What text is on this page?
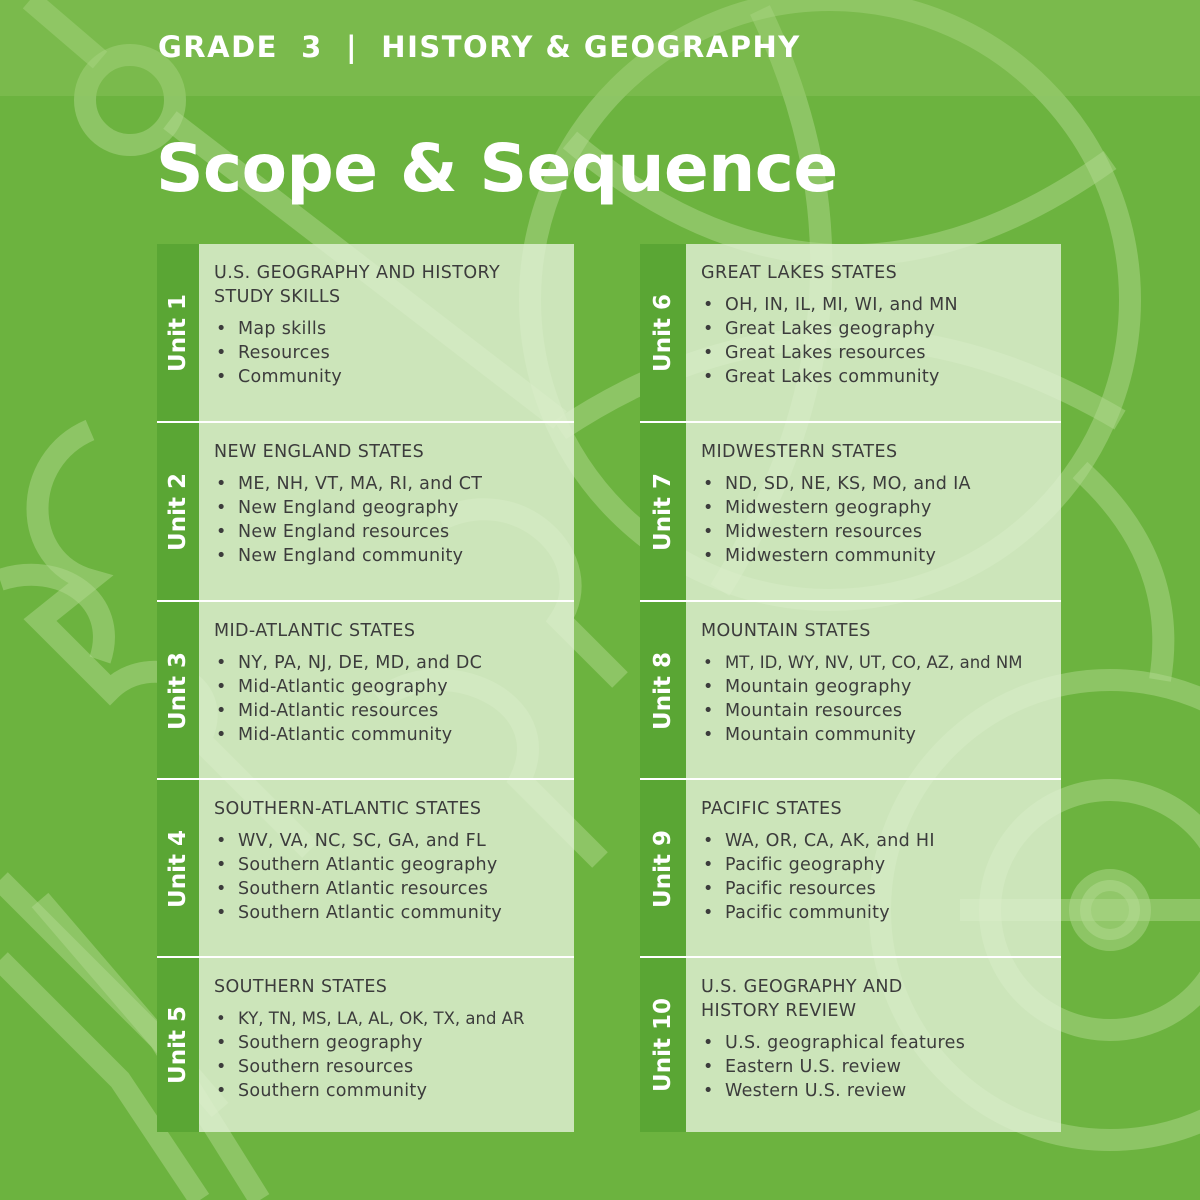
GRADE  3  |  HISTORY & GEOGRAPHY
Scope & Sequence
Unit 1
U.S. GEOGRAPHY AND HISTORY STUDY SKILLS
• Map skills
• Resources
• Community
Unit 2
NEW ENGLAND STATES
• ME, NH, VT, MA, RI, and CT
• New England geography
• New England resources
• New England community
Unit 3
MID-ATLANTIC STATES
• NY, PA, NJ, DE, MD, and DC
• Mid-Atlantic geography
• Mid-Atlantic resources
• Mid-Atlantic community
Unit 4
SOUTHERN-ATLANTIC STATES
• WV, VA, NC, SC, GA, and FL
• Southern Atlantic geography
• Southern Atlantic resources
• Southern Atlantic community
Unit 5
SOUTHERN STATES
• KY, TN, MS, LA, AL, OK, TX, and AR
• Southern geography
• Southern resources
• Southern community
Unit 6
GREAT LAKES STATES
• OH, IN, IL, MI, WI, and MN
• Great Lakes geography
• Great Lakes resources
• Great Lakes community
Unit 7
MIDWESTERN STATES
• ND, SD, NE, KS, MO, and IA
• Midwestern geography
• Midwestern resources
• Midwestern community
Unit 8
MOUNTAIN STATES
• MT, ID, WY, NV, UT, CO, AZ, and NM
• Mountain geography
• Mountain resources
• Mountain community
Unit 9
PACIFIC STATES
• WA, OR, CA, AK, and HI
• Pacific geography
• Pacific resources
• Pacific community
Unit 10
U.S. GEOGRAPHY AND HISTORY REVIEW
• U.S. geographical features
• Eastern U.S. review
• Western U.S. review
